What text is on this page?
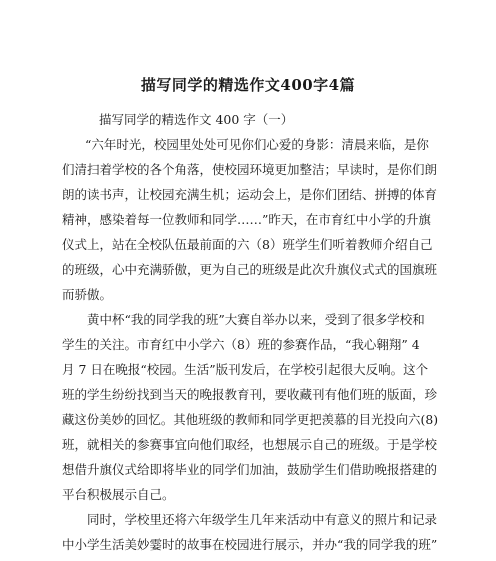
描写同学的精选作文400字4篇

描写同学的精选作文 400 字（一）

“六年时光，校园里处处可见你们心爱的身影：清晨来临，是你

们清扫着学校的各个角落，使校园环境更加整洁；早读时，是你们朗

朗的读书声，让校园充满生机；运动会上，是你们团结、拼搏的体育

精神，感染着每一位教师和同学……”昨天，在市育红中小学的升旗

仪式上，站在全校队伍最前面的六（8）班学生们听着教师介绍自己

的班级，心中充满骄傲，更为自己的班级是此次升旗仪式式的国旗班

而骄傲。

黄中杯“我的同学我的班”大赛自举办以来，受到了很多学校和

学生的关注。市育红中小学六（8）班的参赛作品，“我心翱翔” 4

月 7 日在晚报“校园。生活”版刊发后，在学校引起很大反响。这个

班的学生纷纷找到当天的晚报教育刊，要收藏刊有他们班的版面，珍

藏这份美妙的回忆。其他班级的教师和同学更把羡慕的目光投向六(8)

班，就相关的参赛事宜向他们取经，也想展示自己的班级。于是学校

想借升旗仪式给即将毕业的同学们加油，鼓励学生们借助晚报搭建的

平台积极展示自己。

同时，学校里还将六年级学生几年来活动中有意义的照片和记录

中小学生活美妙霎时的故事在校园进行展示，并办“我的同学我的班”
